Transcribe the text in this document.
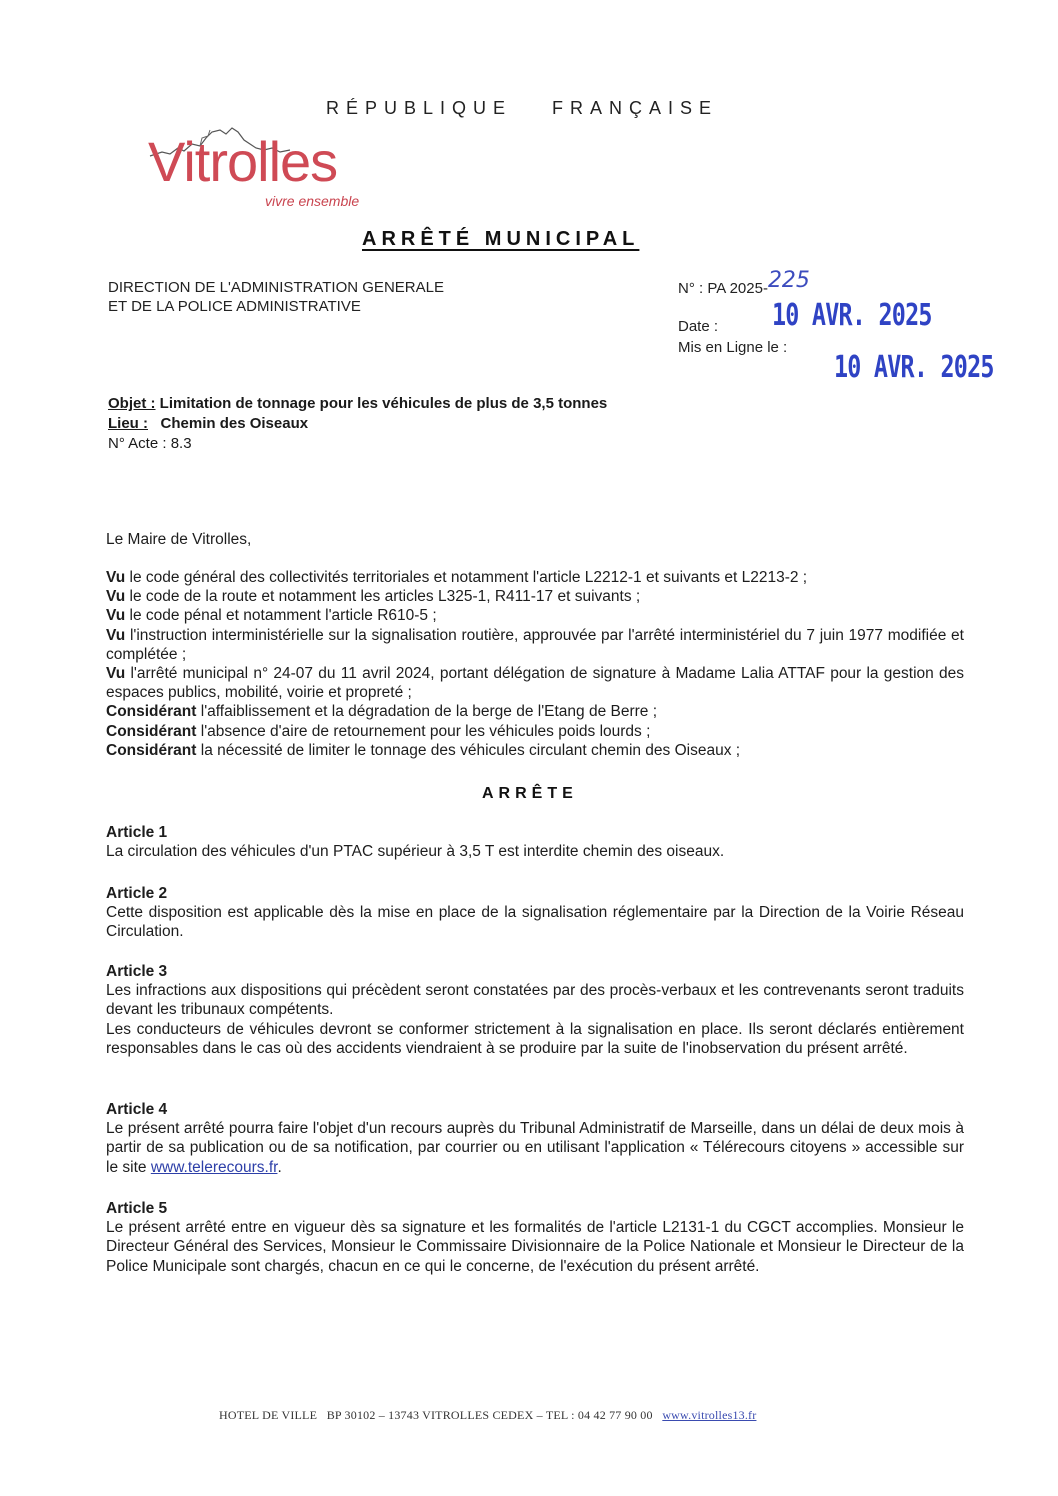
RÉPUBLIQUE FRANÇAISE
Vitrolles
vivre ensemble
ARRÊTÉ MUNICIPAL
DIRECTION DE L'ADMINISTRATION GENERALE
ET DE LA POLICE ADMINISTRATIVE
N° : PA 2025-225
Date :
Mis en Ligne le :
10 AVR. 2025
10 AVR. 2025
Objet : Limitation de tonnage pour les véhicules de plus de 3,5 tonnes
Lieu : Chemin des Oiseaux
N° Acte : 8.3
Le Maire de Vitrolles,

Vu le code général des collectivités territoriales et notamment l'article L2212-1 et suivants et L2213-2 ;

Vu le code de la route et notamment les articles L325-1, R411-17 et suivants ;

Vu le code pénal et notamment l'article R610-5 ;

Vu l'instruction interministérielle sur la signalisation routière, approuvée par l'arrêté interministériel du 7 juin 1977 modifiée et complétée ;

Vu l'arrêté municipal n° 24-07 du 11 avril 2024, portant délégation de signature à Madame Lalia ATTAF pour la gestion des espaces publics, mobilité, voirie et propreté ;

Considérant l'affaiblissement et la dégradation de la berge de l'Etang de Berre ;

Considérant l'absence d'aire de retournement pour les véhicules poids lourds ;

Considérant la nécessité de limiter le tonnage des véhicules circulant chemin des Oiseaux ;

ARRÊTE

Article 1

La circulation des véhicules d'un PTAC supérieur à 3,5 T est interdite chemin des oiseaux.

Article 2

Cette disposition est applicable dès la mise en place de la signalisation réglementaire par la Direction de la Voirie Réseau Circulation.

Article 3

Les infractions aux dispositions qui précèdent seront constatées par des procès-verbaux et les contrevenants seront traduits devant les tribunaux compétents.

Les conducteurs de véhicules devront se conformer strictement à la signalisation en place. Ils seront déclarés entièrement responsables dans le cas où des accidents viendraient à se produire par la suite de l'inobservation du présent arrêté.

Article 4

Le présent arrêté pourra faire l'objet d'un recours auprès du Tribunal Administratif de Marseille, dans un délai de deux mois à partir de sa publication ou de sa notification, par courrier ou en utilisant l'application « Télérecours citoyens » accessible sur le site www.telerecours.fr.

Article 5

Le présent arrêté entre en vigueur dès sa signature et les formalités de l'article L2131-1 du CGCT accomplies. Monsieur le Directeur Général des Services, Monsieur le Commissaire Divisionnaire de la Police Nationale et Monsieur le Directeur de la Police Municipale sont chargés, chacun en ce qui le concerne, de l'exécution du présent arrêté.

HOTEL DE VILLE   BP 30102 – 13743 VITROLLES CEDEX – TEL : 04 42 77 90 00   www.vitrolles13.fr
